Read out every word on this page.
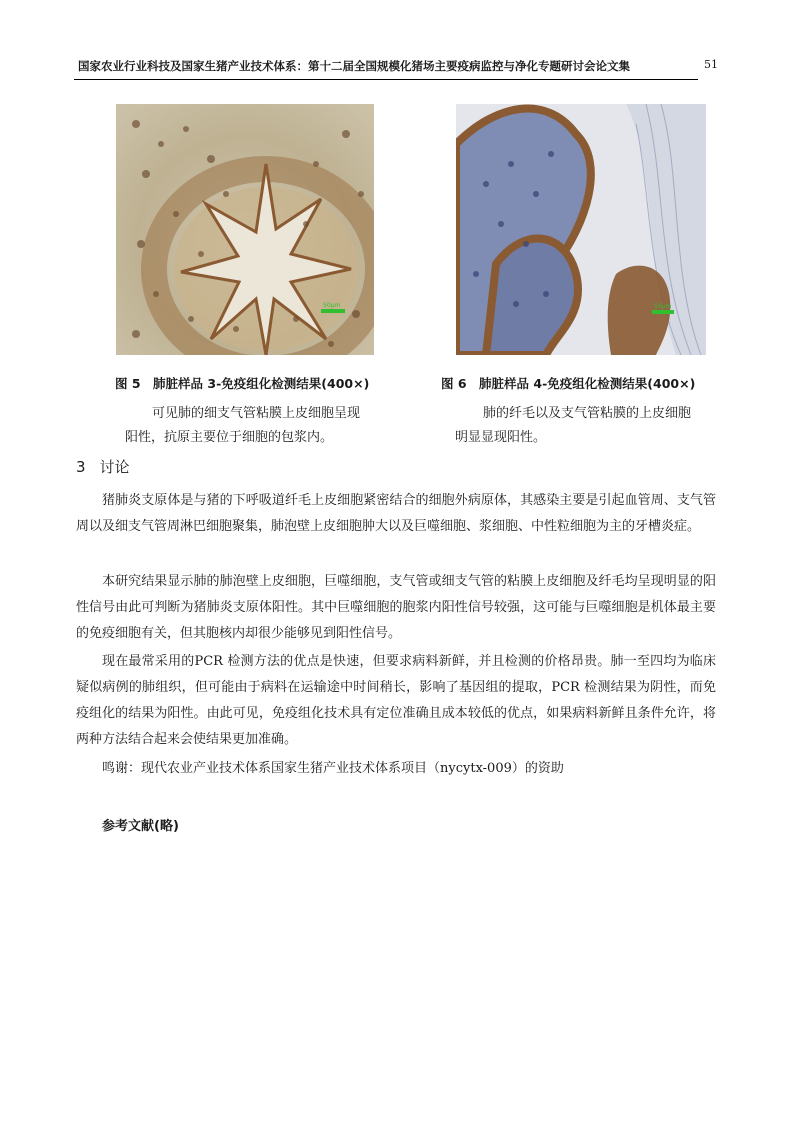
国家农业行业科技及国家生猪产业技术体系：第十二届全国规模化猪场主要疫病监控与净化专题研讨会论文集	51
50μm	50μm
图 5　肺脏样品 3-免疫组化检测结果(400×)
可见肺的细支气管粘膜上皮细胞呈现
阳性，抗原主要位于细胞的包浆内。
图 6　肺脏样品 4-免疫组化检测结果(400×)
肺的纤毛以及支气管粘膜的上皮细胞
明显显现阳性。
3 讨论

猪肺炎支原体是与猪的下呼吸道纤毛上皮细胞紧密结合的细胞外病原体，其感染主要是引起血管周、支气管周以及细支气管周淋巴细胞聚集，肺泡壁上皮细胞肿大以及巨噬细胞、浆细胞、中性粒细胞为主的牙槽炎症。

本研究结果显示肺的肺泡壁上皮细胞，巨噬细胞，支气管或细支气管的粘膜上皮细胞及纤毛均呈现明显的阳性信号由此可判断为猪肺炎支原体阳性。其中巨噬细胞的胞浆内阳性信号较强，这可能与巨噬细胞是机体最主要的免疫细胞有关，但其胞核内却很少能够见到阳性信号。

现在最常采用的PCR 检测方法的优点是快速，但要求病料新鲜，并且检测的价格昂贵。肺一至四均为临床疑似病例的肺组织，但可能由于病料在运输途中时间稍长，影响了基因组的提取，PCR 检测结果为阴性，而免疫组化的结果为阳性。由此可见，免疫组化技术具有定位准确且成本较低的优点，如果病料新鲜且条件允许，将两种方法结合起来会使结果更加准确。

鸣谢：现代农业产业技术体系国家生猪产业技术体系项目（nycytx-009）的资助

参考文献(略)
